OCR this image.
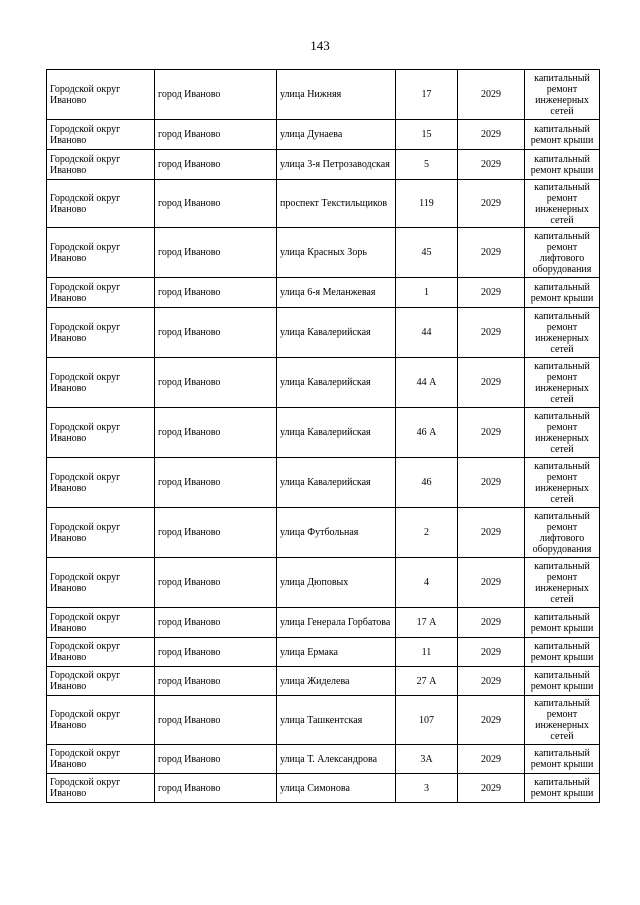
143
Городской округ Иваново	город Иваново	улица Нижняя	17	2029	капитальный ремонт инженерных сетей
Городской округ Иваново	город Иваново	улица Дунаева	15	2029	капитальный ремонт крыши
Городской округ Иваново	город Иваново	улица 3-я Петрозаводская	5	2029	капитальный ремонт крыши
Городской округ Иваново	город Иваново	проспект Текстильщиков	119	2029	капитальный ремонт инженерных сетей
Городской округ Иваново	город Иваново	улица Красных Зорь	45	2029	капитальный ремонт лифтового оборудования
Городской округ Иваново	город Иваново	улица 6-я Меланжевая	1	2029	капитальный ремонт крыши
Городской округ Иваново	город Иваново	улица Кавалерийская	44	2029	капитальный ремонт инженерных сетей
Городской округ Иваново	город Иваново	улица Кавалерийская	44 А	2029	капитальный ремонт инженерных сетей
Городской округ Иваново	город Иваново	улица Кавалерийская	46 А	2029	капитальный ремонт инженерных сетей
Городской округ Иваново	город Иваново	улица Кавалерийская	46	2029	капитальный ремонт инженерных сетей
Городской округ Иваново	город Иваново	улица Футбольная	2	2029	капитальный ремонт лифтового оборудования
Городской округ Иваново	город Иваново	улица Дюповых	4	2029	капитальный ремонт инженерных сетей
Городской округ Иваново	город Иваново	улица Генерала Горбатова	17 А	2029	капитальный ремонт крыши
Городской округ Иваново	город Иваново	улица Ермака	11	2029	капитальный ремонт крыши
Городской округ Иваново	город Иваново	улица Жиделева	27 А	2029	капитальный ремонт крыши
Городской округ Иваново	город Иваново	улица Ташкентская	107	2029	капитальный ремонт инженерных сетей
Городской округ Иваново	город Иваново	улица Т. Александрова	3А	2029	капитальный ремонт крыши
Городской округ Иваново	город Иваново	улица Симонова	3	2029	капитальный ремонт крыши
